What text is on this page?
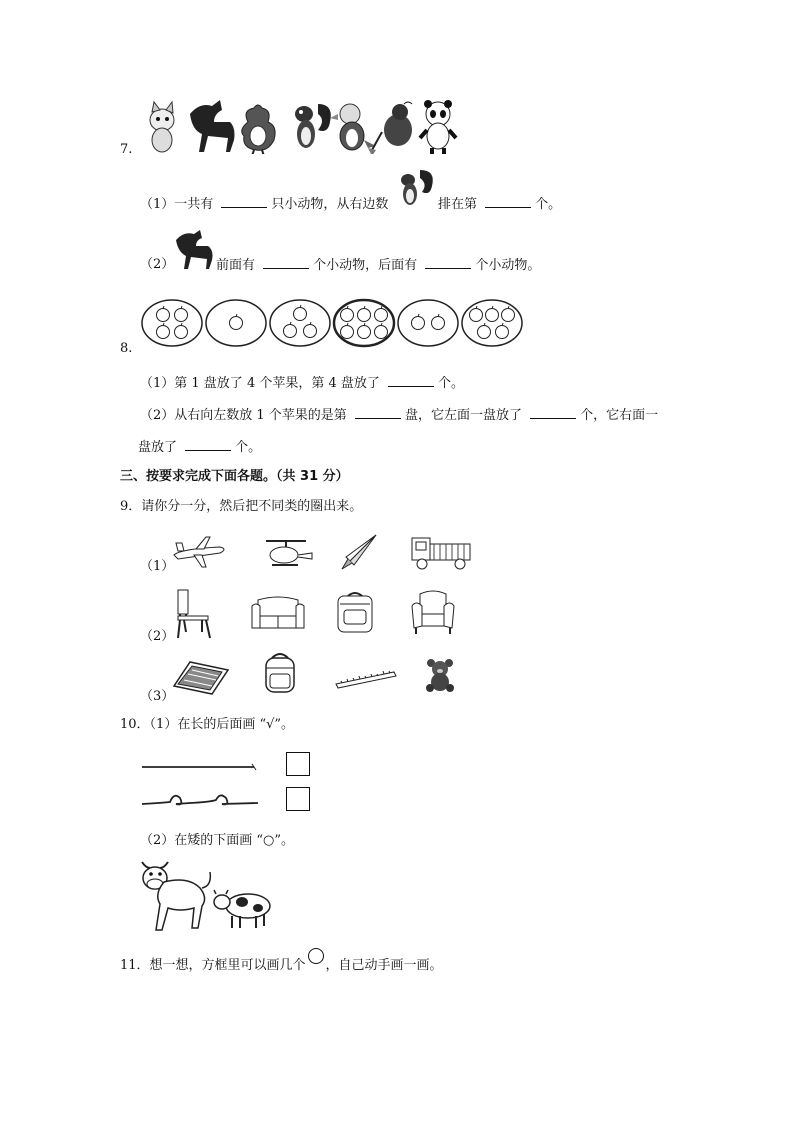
7.
（1）一共有	只小动物，从右边数	排在第	个。
（2）	前面有	个小动物，后面有	个小动物。
8.
（1）第 1 盘放了 4 个苹果，第 4 盘放了	个。
（2）从右向左数放 1 个苹果的是第	盘，它左面一盘放了	个，它右面一
盘放了	个。
三、按要求完成下面各题。（共 31 分）
9．请你分一分，然后把不同类的圈出来。
（1）
（2）
（3）
10．（1）在长的后面画 “√”。
（2）在矮的下面画 “○”。
11．想一想，方框里可以画几个 ，自己动手画一画。
